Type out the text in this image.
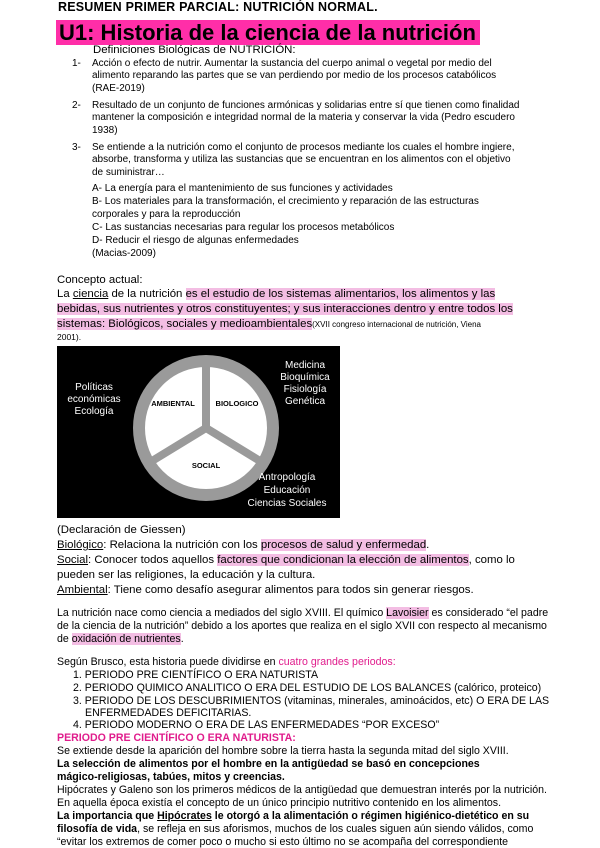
RESUMEN PRIMER PARCIAL: NUTRICIÓN NORMAL.
U1: Historia de la ciencia de la nutrición
Definiciones Biológicas de NUTRICIÓN:
1- Acción o efecto de nutrir. Aumentar la sustancia del cuerpo animal o vegetal por medio del
alimento reparando las partes que se van perdiendo por medio de los procesos catabólicos
(RAE-2019)
2- Resultado de un conjunto de funciones armónicas y solidarias entre sí que tienen como finalidad
mantener la composición e integridad normal de la materia y conservar la vida (Pedro escudero
1938)
3- Se entiende a la nutrición como el conjunto de procesos mediante los cuales el hombre ingiere,
absorbe, transforma y utiliza las sustancias que se encuentran en los alimentos con el objetivo
de suministrar…
A- La energía para el mantenimiento de sus funciones y actividades
B- Los materiales para la transformación, el crecimiento y reparación de las estructuras
corporales y para la reproducción
C- Las sustancias necesarias para regular los procesos metabólicos
D- Reducir el riesgo de algunas enfermedades
(Macias-2009)
Concepto actual:
La ciencia de la nutrición es el estudio de los sistemas alimentarios, los alimentos y las
bebidas, sus nutrientes y otros constituyentes; y sus interacciones dentro y entre todos los
sistemas: Biológicos, sociales y medioambientales(XVII congreso internacional de nutrición, Viena
2001).
Políticas
económicas
Ecología
Medicina
Bioquímica
Fisiología
Genética
Antropología
Educación
Ciencias Sociales
AMBIENTAL	BIOLOGICO
SOCIAL
(Declaración de Giessen)
Biológico: Relaciona la nutrición con los procesos de salud y enfermedad.
Social: Conocer todos aquellos factores que condicionan la elección de alimentos, como lo
pueden ser las religiones, la educación y la cultura.
Ambiental: Tiene como desafío asegurar alimentos para todos sin generar riesgos.
La nutrición nace como ciencia a mediados del siglo XVIII. El químico Lavoisier es considerado “el padre
de la ciencia de la nutrición” debido a los aportes que realiza en el siglo XVII con respecto al mecanismo
de oxidación de nutrientes.
Según Brusco, esta historia puede dividirse en cuatro grandes periodos:
1. PERIODO PRE CIENTÍFICO O ERA NATURISTA
2. PERIODO QUIMICO ANALITICO O ERA DEL ESTUDIO DE LOS BALANCES (calórico, proteico)
3. PERIODO DE LOS DESCUBRIMIENTOS (vitaminas, minerales, aminoácidos, etc) O ERA DE LAS
ENFERMEDADES DEFICITARIAS.
4. PERIODO MODERNO O ERA DE LAS ENFERMEDADES “POR EXCESO”
PERIODO PRE CIENTÍFICO O ERA NATURISTA:
Se extiende desde la aparición del hombre sobre la tierra hasta la segunda mitad del siglo XVIII.
La selección de alimentos por el hombre en la antigüedad se basó en concepciones
mágico-religiosas, tabúes, mitos y creencias.
Hipócrates y Galeno son los primeros médicos de la antigüedad que demuestran interés por la nutrición.
En aquella época existía el concepto de un único principio nutritivo contenido en los alimentos.
La importancia que Hipócrates le otorgó a la alimentación o régimen higiénico-dietético en su
filosofía de vida, se refleja en sus aforismos, muchos de los cuales siguen aún siendo válidos, como
“evitar los extremos de comer poco o mucho si esto último no se acompaña del correspondiente
